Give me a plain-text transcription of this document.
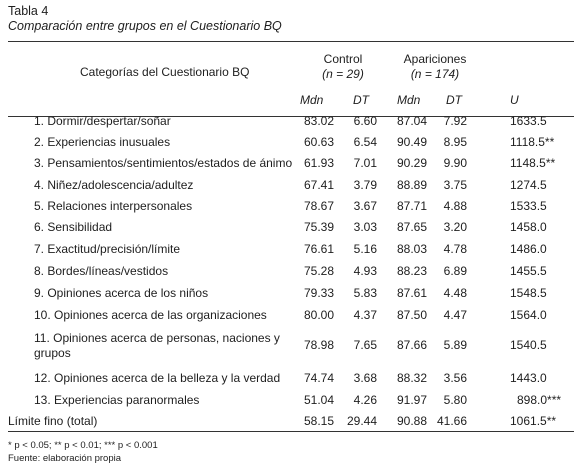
Tabla 4
Comparación entre grupos en el Cuestionario BQ
Categorías del Cuestionario BQ
Control
(n = 29)
Apariciones
(n = 174)
Mdn DT Mdn DT	U
1. Dormir/despertar/soñar	83.02	6.60	87.04	7.92	1633.5
2. Experiencias inusuales	60.63	6.54	90.49	8.95	1118.5**
3. Pensamientos/sentimientos/estados de ánimo 61.93	7.01	90.29	9.90	1148.5**
4. Niñez/adolescencia/adultez	67.41	3.79	88.89	3.75	1274.5
5. Relaciones interpersonales	78.67	3.67	87.71	4.88	1533.5
6. Sensibilidad	75.39	3.03	87.65	3.20	1458.0
7. Exactitud/precisión/límite	76.61	5.16	88.03	4.78	1486.0
8. Bordes/líneas/vestidos	75.28	4.93	88.23	6.89	1455.5
9. Opiniones acerca de los niños	79.33	5.83	87.61	4.48	1548.5
10. Opiniones acerca de las organizaciones	80.00	4.37	87.50	4.47	1564.0
11. Opiniones acerca de personas, naciones y grupos
78.98	7.65	87.66	5.89	1540.5
12. Opiniones acerca de la belleza y la verdad	74.74	3.68	88.32	3.56	1443.0
13. Experiencias paranormales	51.04	4.26	91.97	5.80	898.0***
Límite fino (total)	58.15	29.44	90.88 41.66	1061.5**
* p < 0.05; ** p < 0.01; *** p < 0.001
Fuente: elaboración propia
